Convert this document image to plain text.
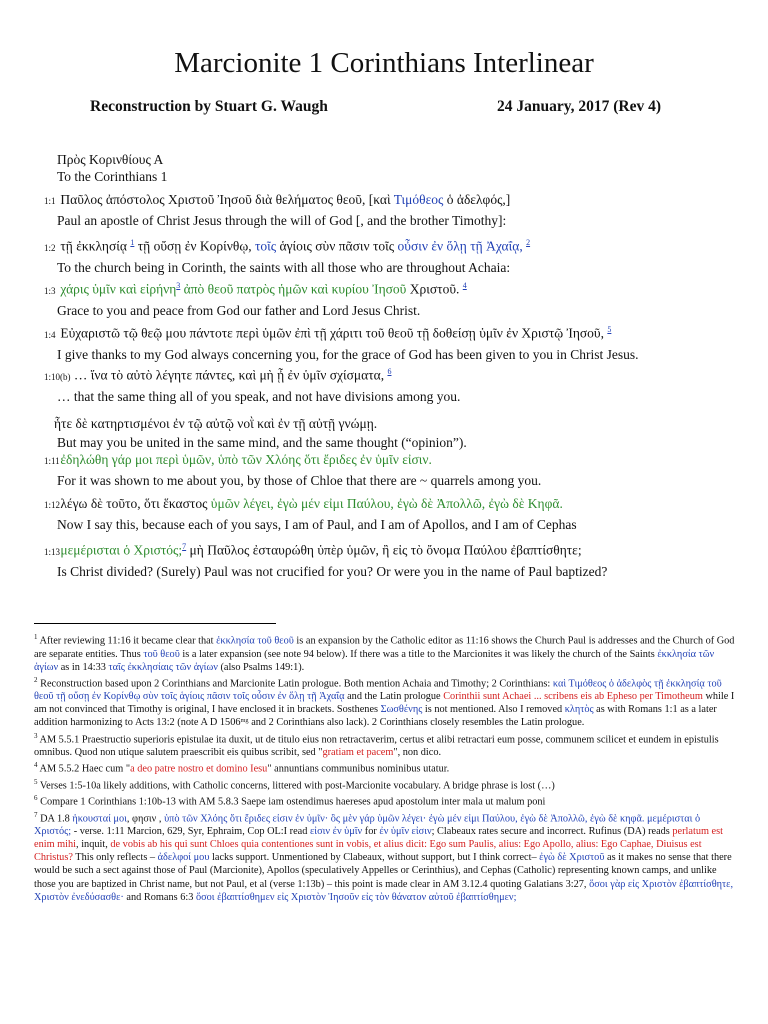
Marcionite 1 Corinthians Interlinear
Reconstruction by Stuart G. Waugh	24 January, 2017 (Rev 4)
Πρὸς Κορινθίους Α
To the Corinthians 1
1:1 Παῦλος ἀπόστολος Χριστοῦ Ἰησοῦ διὰ θελήματος θεοῦ, [καὶ Τιμόθεος ὁ ἀδελφός,]
Paul an apostle of Christ Jesus through the will of God [, and the brother Timothy]:
1:2 τῇ ἐκκλησίᾳ $^1$ τῇ οὔσῃ ἐν Κορίνθῳ, τοῖς ἁγίοις σὺν πᾶσιν τοῖς οὖσιν ἐν ὅλῃ τῇ Ἀχαΐᾳ, $^2$
To the church being in Corinth, the saints with all those who are throughout Achaia:
1:3 χάρις ὑμῖν καὶ εἰρήνη$^3$ ἀπὸ θεοῦ πατρὸς ἡμῶν καὶ κυρίου Ἰησοῦ Χριστοῦ. $^4$
Grace to you and peace from God our father and Lord Jesus Christ.
1:4 Εὐχαριστῶ τῷ θεῷ μου πάντοτε περὶ ὑμῶν ἐπὶ τῇ χάριτι τοῦ θεοῦ τῇ δοθείσῃ ὑμῖν ἐν Χριστῷ Ἰησοῦ, $^5$
I give thanks to my God always concerning you, for the grace of God has been given to you in Christ Jesus.
1:10(b) … ἵνα τὸ αὐτὸ λέγητε πάντες, καὶ μὴ ᾖ ἐν ὑμῖν σχίσματα, $^6$
… that the same thing all of you speak, and not have divisions among you.
ἦτε δὲ κατηρτισμένοι ἐν τῷ αὐτῷ νοῒ καὶ ἐν τῇ αὐτῇ γνώμῃ.
But may you be united in the same mind, and the same thought (“opinion”).
1:11 ἐδηλώθη γάρ μοι περὶ ὑμῶν, ὑπὸ τῶν Χλόης ὅτι ἔριδες ἐν ὑμῖν εἰσιν.
For it was shown to me about you, by those of Chloe that there are ~ quarrels among you.
1:12 λέγω δὲ τοῦτο, ὅτι ἕκαστος ὑμῶν λέγει, ἐγὼ μέν εἰμι Παύλου, ἐγὼ δὲ Ἀπολλῶ, ἐγὼ δὲ Κηφᾶ.
Now I say this, because each of you says, I am of Paul, and I am of Apollos, and I am of Cephas
1:13 μεμέρισται ὁ Χριστός;$^7$ μὴ Παῦλος ἐσταυρώθη ὑπὲρ ὑμῶν, ἢ εἰς τὸ ὄνομα Παύλου ἐβαπτίσθητε;
Is Christ divided? (Surely) Paul was not crucified for you? Or were you in the name of Paul baptized?

$^1$ After reviewing 11:16 it became clear that ἐκκλησία τοῦ θεοῦ is an expansion by the Catholic editor as 11:16 shows the Church Paul is addresses and the Church of God are separate entities. Thus τοῦ θεοῦ is a later expansion (see note 94 below). If there was a title to the Marcionites it was likely the church of the Saints ἐκκλησία τῶν ἁγίων as in 14:33 ταῖς ἐκκλησίαις τῶν ἁγίων (also Psalms 149:1).

$^2$ Reconstruction based upon 2 Corinthians and Marcionite Latin prologue. Both mention Achaia and Timothy; 2 Corinthians: καὶ Τιμόθεος ὁ ἀδελφὸς τῇ ἐκκλησίᾳ τοῦ θεοῦ τῇ οὔσῃ ἐν Κορίνθῳ σὺν τοῖς ἁγίοις πᾶσιν τοῖς οὖσιν ἐν ὅλῃ τῇ Ἀχαΐᾳ and the Latin prologue Corinthii sunt Achaei ... scribens eis ab Epheso per Timotheum while I am not convinced that Timothy is original, I have enclosed it in brackets. Sosthenes Σωσθένης is not mentioned. Also I removed κλητὸς as with Romans 1:1 as a later addition harmonizing to Acts 13:2 (note A D 1506ᵐᵍ and 2 Corinthians also lack). 2 Corinthians closely resembles the Latin prologue.

$^3$ AM 5.5.1 Praestructio superioris epistulae ita duxit, ut de titulo eius non retractaverim, certus et alibi retractari eum posse, communem scilicet et eundem in epistulis omnibus. Quod non utique salutem praescribit eis quibus scribit, sed "gratiam et pacem", non dico.

$^4$ AM 5.5.2 Haec cum "a deo patre nostro et domino Iesu" annuntians communibus nominibus utatur.

$^5$ Verses 1:5-10a likely additions, with Catholic concerns, littered with post-Marcionite vocabulary. A bridge phrase is lost (…)

$^6$ Compare 1 Corinthians 1:10b-13 with AM 5.8.3 Saepe iam ostendimus haereses apud apostolum inter mala ut malum poni

$^7$ DA 1.8 ἠκουσταί μοι, φησιν , ὑπὸ τῶν Χλόης ὅτι ἔριδες εἰσιν ἐν ὑμῖν· ὃς μὲν γάρ ὑμῶν λέγει· ἐγὼ μέν εἰμι Παύλου, ἐγὼ δὲ Ἀπολλῶ, ἐγὼ δὲ κηφᾶ. μεμέρισται ὁ Χριστός; - verse. 1:11 Marcion, 629, Syr, Ephraim, Cop OL:I read εἰσιν ἐν ὑμῖν for ἐν ὑμῖν εἰσιν; Clabeaux rates secure and incorrect. Rufinus (DA) reads perlatum est enim mihi, inquit, de vobis ab his qui sunt Chloes quia contentiones sunt in vobis, et alius dicit: Ego sum Paulis, alius: Ego Apollo, alius: Ego Caphae, Diuisus est Christus? This only reflects – ἀδελφοί μου lacks support. Unmentioned by Clabeaux, without support, but I think correct– ἐγὼ δὲ Χριστοῦ as it makes no sense that there would be such a sect against those of Paul (Marcionite), Apollos (speculatively Appelles or Cerinthius), and Cephas (Catholic) representing known camps, and unlike those you are baptized in Christ name, but not Paul, et al (verse 1:13b) – this point is made clear in AM 3.12.4 quoting Galatians 3:27, ὅσοι γὰρ εἰς Χριστὸν ἐβαπτίσθητε, Χριστὸν ἐνεδύσασθε· and Romans 6:3 ὅσοι ἐβαπτίσθημεν εἰς Χριστὸν Ἰησοῦν εἰς τὸν θάνατον αὐτοῦ ἐβαπτίσθημεν;
